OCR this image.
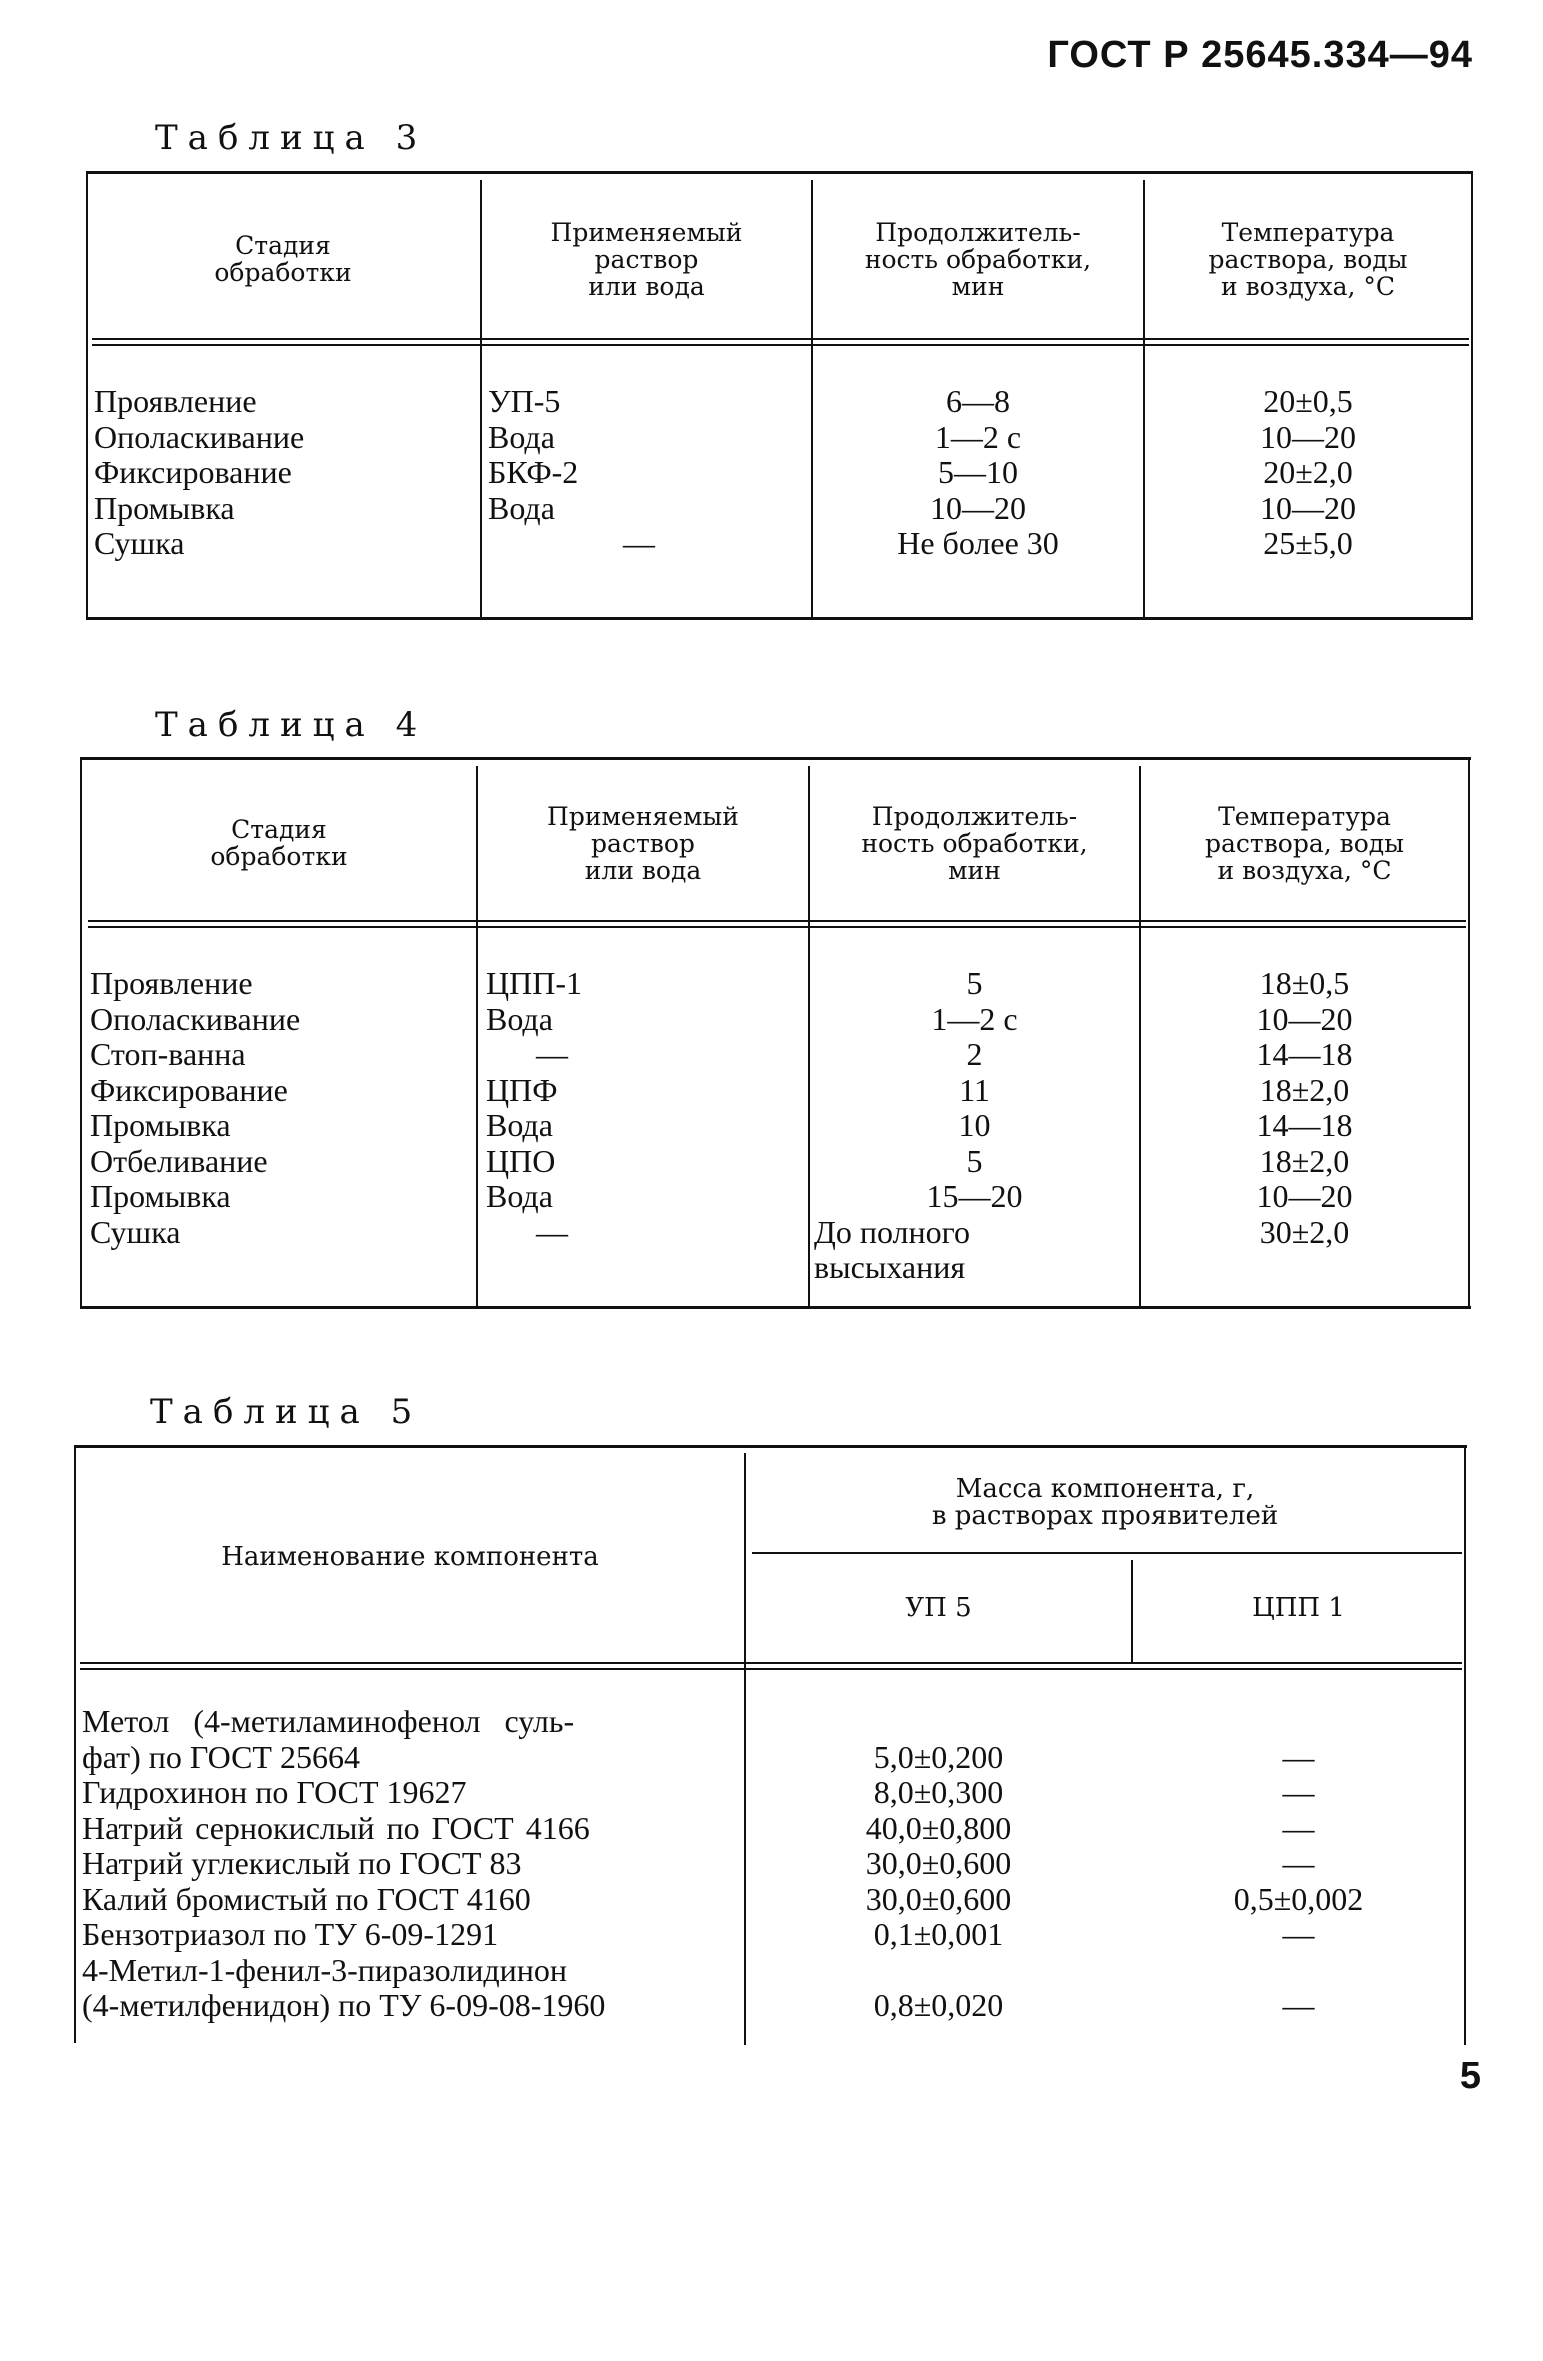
ГОСТ Р 25645.334—94
Таблица 3
Стадия
обработки
Применяемый
раствор
или вода
Продолжитель-
ность обработки,
мин
Температура
раствора, воды
и воздуха, °С
Проявление
Ополаскивание
Фиксирование
Промывка
Сушка
УП-5
Вода
БКФ-2
Вода
—
6—8
1—2 с
5—10
10—20
Не более 30
20±0,5
10—20
20±2,0
10—20
25±5,0
Таблица 4
Стадия
обработки
Применяемый
раствор
или вода
Продолжитель-
ность обработки,
мин
Температура
раствора, воды
и воздуха, °С
Проявление
Ополаскивание
Стоп-ванна
Фиксирование
Промывка
Отбеливание
Промывка
Сушка
ЦПП-1
Вода
—
ЦПФ
Вода
ЦПО
Вода
—
5
1—2 с
2
11
10
5
15—20
До полного высыхания
18±0,5
10—20
14—18
18±2,0
14—18
18±2,0
10—20
30±2,0
Таблица 5
Наименование компонента
Масса компонента, г,
в растворах проявителей
УП 5	ЦПП 1
Метол (4-метиламинофенол суль-
фат) по ГОСТ 25664
Гидрохинон по ГОСТ 19627
Натрий сернокислый по ГОСТ 4166
Натрий углекислый по ГОСТ 83
Калий бромистый по ГОСТ 4160
Бензотриазол по ТУ 6-09-1291
4-Метил-1-фенил-3-пиразолидинон
(4-метилфенидон) по ТУ 6-09-08-1960
5,0±0,200
8,0±0,300
40,0±0,800
30,0±0,600
30,0±0,600
0,1±0,001
0,8±0,020
—
—
—
—
0,5±0,002
—
—
5
